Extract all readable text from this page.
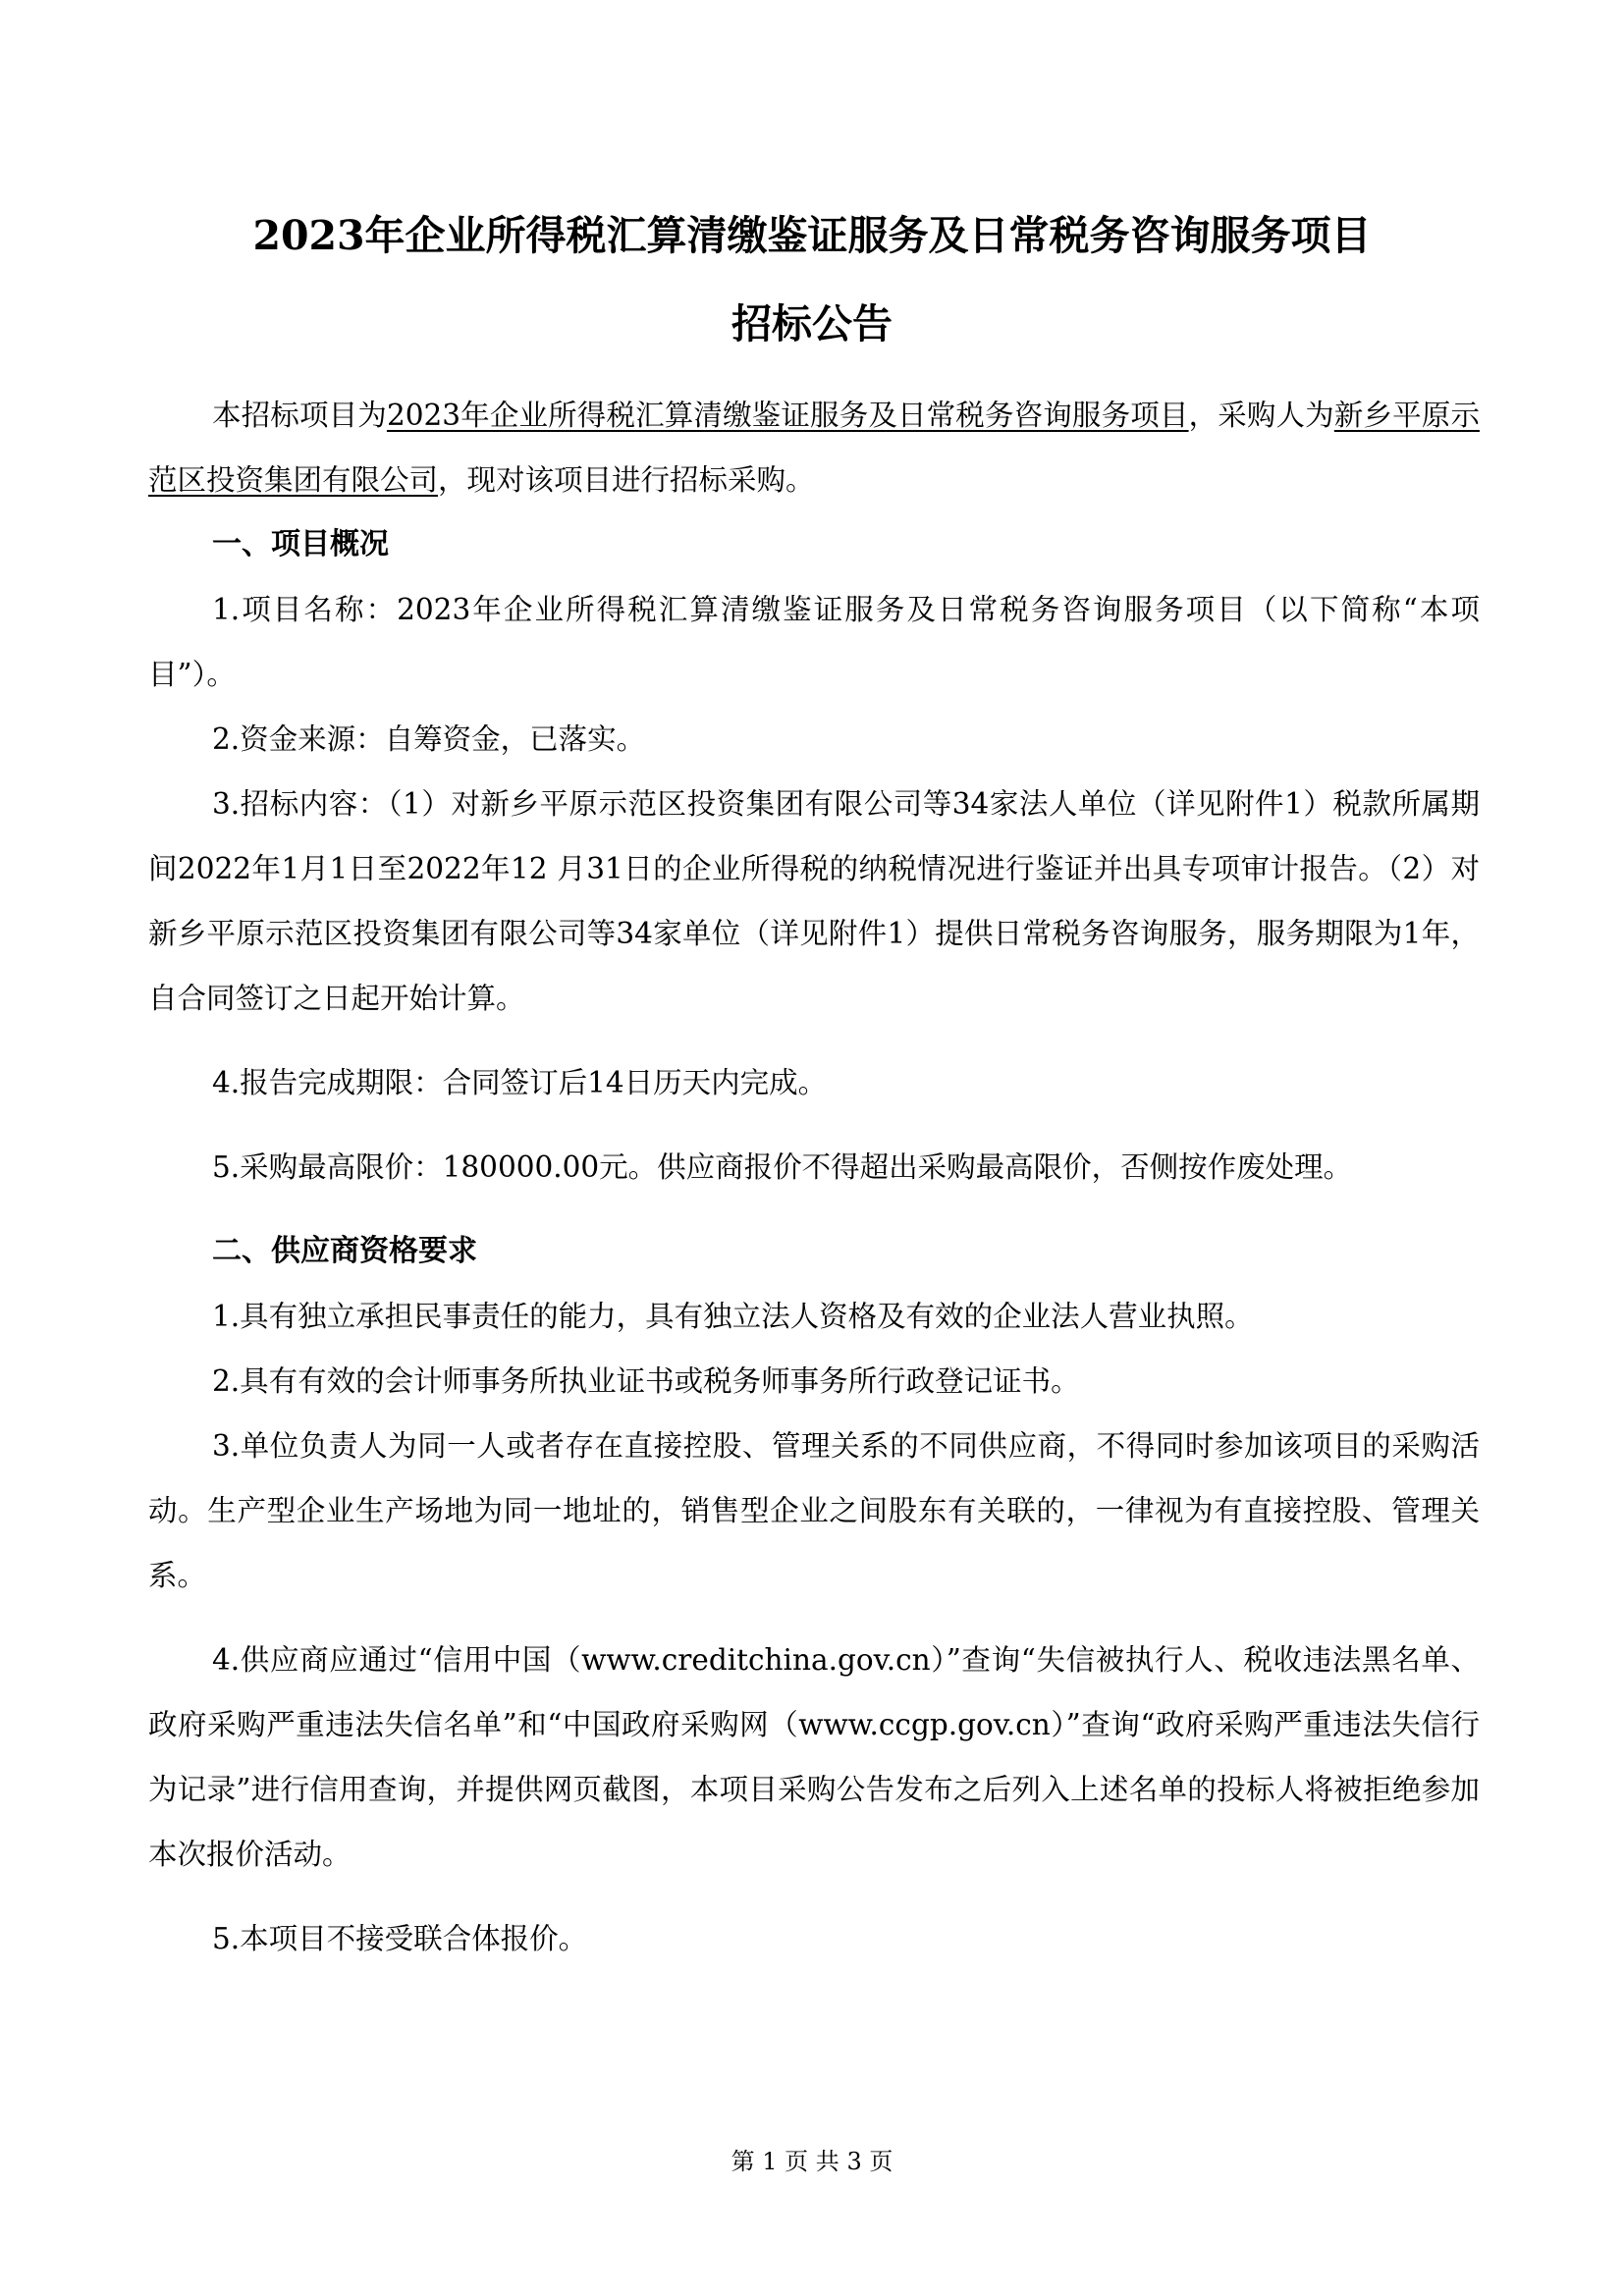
2023年企业所得税汇算清缴鉴证服务及日常税务咨询服务项目
招标公告

本招标项目为2023年企业所得税汇算清缴鉴证服务及日常税务咨询服务项目，采购人为新乡平原示范区投资集团有限公司，现对该项目进行招标采购。

一、项目概况

1.项目名称：2023年企业所得税汇算清缴鉴证服务及日常税务咨询服务项目（以下简称“本项目”）。

2.资金来源：自筹资金，已落实。

3.招标内容：（1）对新乡平原示范区投资集团有限公司等34家法人单位（详见附件1）税款所属期间2022年1月1日至2022年12 月31日的企业所得税的纳税情况进行鉴证并出具专项审计报告。（2）对新乡平原示范区投资集团有限公司等34家单位（详见附件1）提供日常税务咨询服务，服务期限为1年，自合同签订之日起开始计算。

4.报告完成期限：合同签订后14日历天内完成。

5.采购最高限价：180000.00元。供应商报价不得超出采购最高限价，否侧按作废处理。

二、供应商资格要求

1.具有独立承担民事责任的能力，具有独立法人资格及有效的企业法人营业执照。

2.具有有效的会计师事务所执业证书或税务师事务所行政登记证书。

3.单位负责人为同一人或者存在直接控股、管理关系的不同供应商，不得同时参加该项目的采购活动。生产型企业生产场地为同一地址的，销售型企业之间股东有关联的，一律视为有直接控股、管理关系。

4.供应商应通过“信用中国（www.creditchina.gov.cn）”查询“失信被执行人、税收违法黑名单、政府采购严重违法失信名单”和“中国政府采购网（www.ccgp.gov.cn）”查询“政府采购严重违法失信行为记录”进行信用查询，并提供网页截图，本项目采购公告发布之后列入上述名单的投标人将被拒绝参加本次报价活动。

5.本项目不接受联合体报价。

第 1 页 共 3 页
